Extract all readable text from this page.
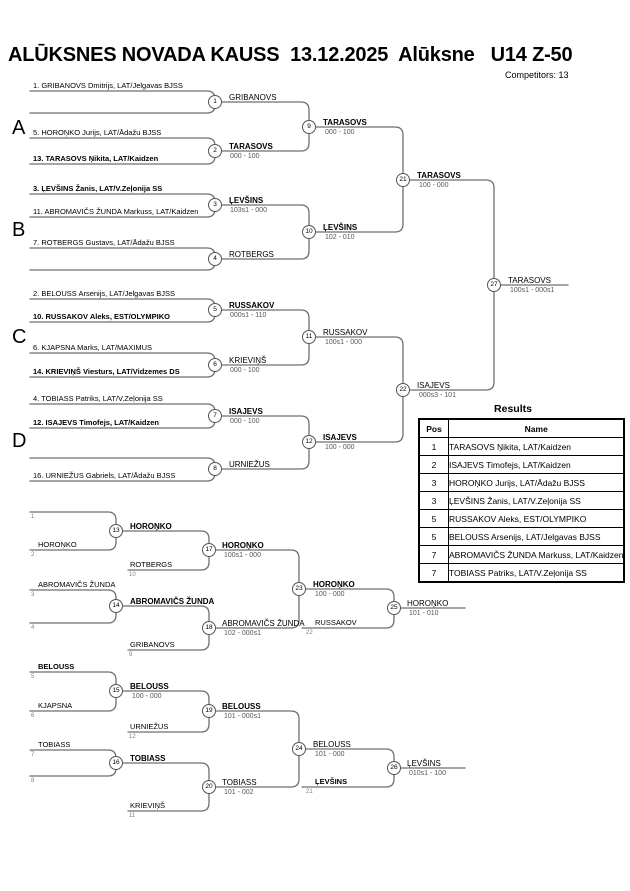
ALŪKSNES NOVADA KAUSS  13.12.2025  Alūksne   U14 Z-50
Competitors: 13
A
B
C
D
1. GRIBANOVS Dmitrijs, LAT/Jelgavas BJSS
5. HOROŅKO Jurijs, LAT/Ādažu BJSS
13. TARASOVS Ņikita, LAT/Kaidzen
3. ĻEVŠINS Žanis, LAT/V.Zeļonija SS
11. ABROMAVIČS ŽUNDA Markuss, LAT/Kaidzen
7. ROTBERGS Gustavs, LAT/Ādažu BJSS
2. BELOUSS Arsenijs, LAT/Jelgavas BJSS
10. RUSSAKOV Aleks, EST/OLYMPIKO
6. KJAPSNA Marks, LAT/MAXIMUS
14. KRIEVIŅŠ Viesturs, LAT/Vidzemes DS
4. TOBIASS Patriks, LAT/V.Zeļonija SS
12. ISAJEVS Timofejs, LAT/Kaidzen
16. URNIEŽUS Gabriels, LAT/Ādažu BJSS
GRIBANOVS
TARASOVS
000 - 100
ĻEVŠINS
103s1 - 000
ROTBERGS
RUSSAKOV
000s1 - 110
KRIEVIŅŠ
000 - 100
ISAJEVS
000 - 100
URNIEŽUS
TARASOVS
000 - 100
ĻEVŠINS
102 - 010
RUSSAKOV
100s1 - 000
ISAJEVS
100 - 000
TARASOVS
100 - 000
ISAJEVS
000s3 - 101
TARASOVS
100s1 - 000s1
1
HOROŅKO
2
ROTBERGS
10
ABROMAVIČS ŽUNDA
3
4
GRIBANOVS
9
RUSSAKOV
22
BELOUSS
5
KJAPSNA
6
URNIEŽUS
12
TOBIASS
7
8
KRIEVIŅŠ
11
ĻEVŠINS
21
HOROŅKO
ABROMAVIČS ŽUNDA
BELOUSS
100 - 000
TOBIASS
HOROŅKO
100s1 - 000
ABROMAVIČS ŽUNDA
102 - 000s1
BELOUSS
101 - 000s1
TOBIASS
101 - 002
HOROŅKO
100 - 000
BELOUSS
101 - 000
HOROŅKO
101 - 010
ĻEVŠINS
010s1 - 100
1
2
3
4
5
6
7
8
9
10
11
12
21
22
27
13
14
15
16
17
18
19
20
23
24
25
26
Results
Pos	Name
1	TARASOVS Ņikita, LAT/Kaidzen
2	ISAJEVS Timofejs, LAT/Kaidzen
3	HOROŅKO Jurijs, LAT/Ādažu BJSS
3	ĻEVŠINS Žanis, LAT/V.Zeļonija SS
5	RUSSAKOV Aleks, EST/OLYMPIKO
5	BELOUSS Arsenijs, LAT/Jelgavas BJSS
7	ABROMAVIČS ŽUNDA Markuss, LAT/Kaidzen
7	TOBIASS Patriks, LAT/V.Zeļonija SS
